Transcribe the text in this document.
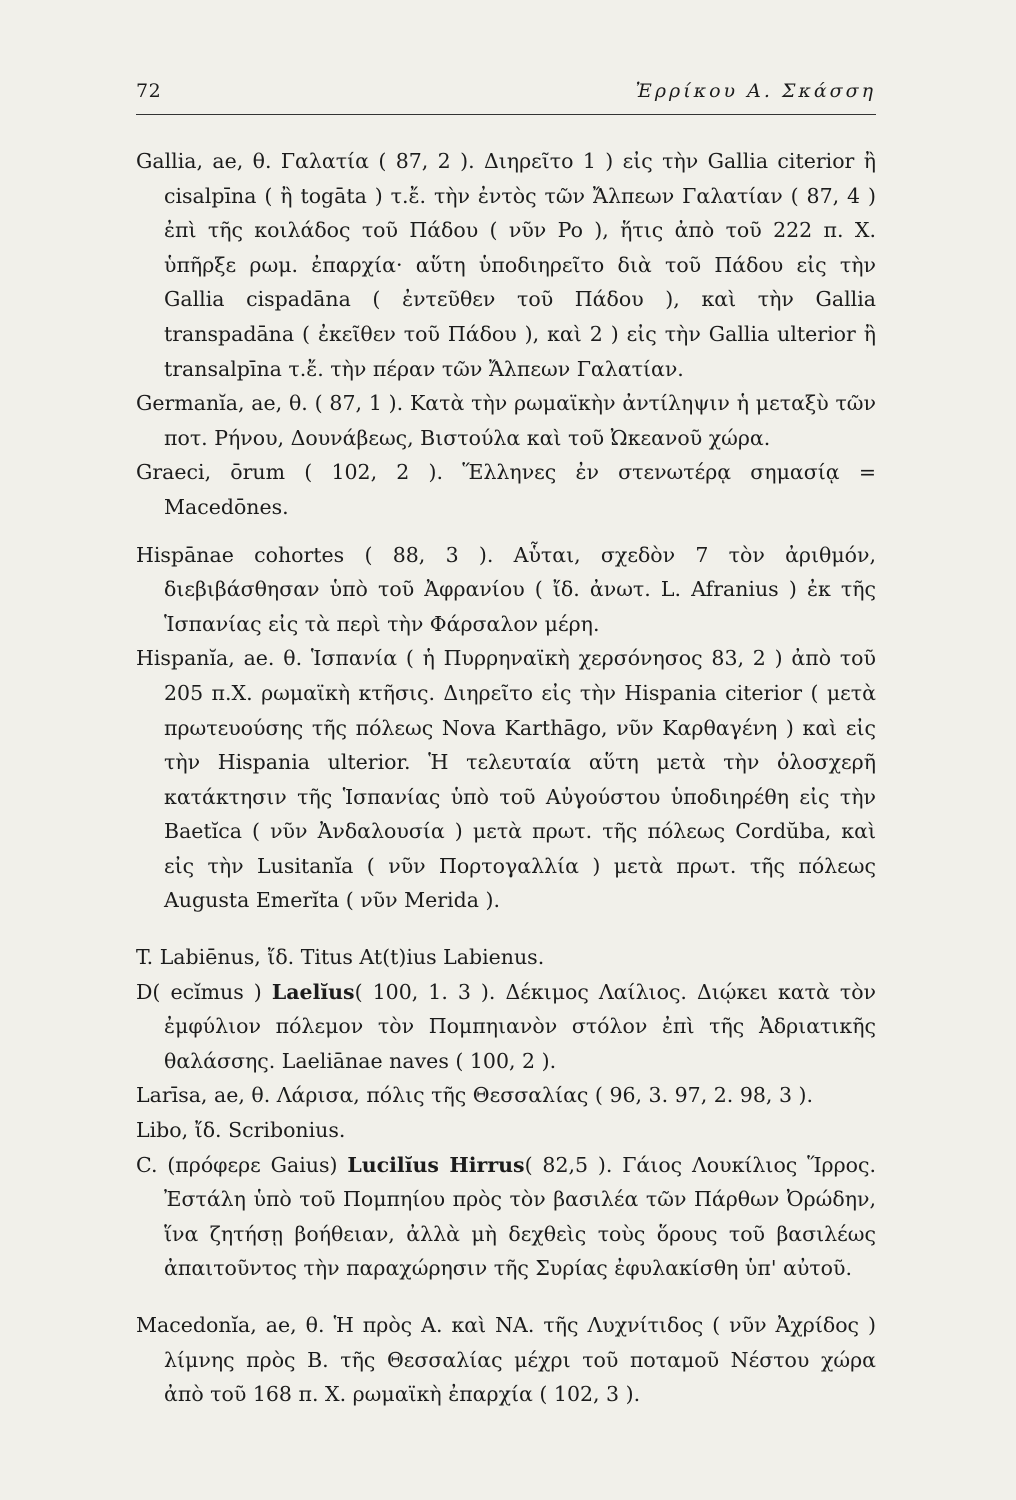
72	Ἐρρίκου Α. Σκάσση

Gallia, ae, θ. Γαλατία ( 87, 2 ). Διηρεῖτο 1 ) εἰς τὴν Gallia citerior ἢ cisalpīna ( ἢ togāta ) τ.ἔ. τὴν ἐντὸς τῶν Ἄλπεων Γαλατίαν ( 87, 4 ) ἐπὶ τῆς κοιλάδος τοῦ Πάδου ( νῦν Po ), ἥτις ἀπὸ τοῦ 222 π. Χ. ὑπῆρξε ρωμ. ἐπαρχία· αὕτη ὑποδιηρεῖτο διὰ τοῦ Πάδου εἰς τὴν Gallia cispadāna ( ἐντεῦθεν τοῦ Πάδου ), καὶ τὴν Gallia transpadāna ( ἐκεῖθεν τοῦ Πάδου ), καὶ 2 ) εἰς τὴν Gallia ulterior ἢ transalpīna τ.ἔ. τὴν πέραν τῶν Ἄλπεων Γαλατίαν.

Germanĭa, ae, θ. ( 87, 1 ). Κατὰ τὴν ρωμαϊκὴν ἀντίληψιν ἡ μεταξὺ τῶν ποτ. Ρήνου, Δουνάβεως, Βιστούλα καὶ τοῦ Ὠκεανοῦ χώρα.

Graeci, ōrum ( 102, 2 ). Ἕλληνες ἐν στενωτέρᾳ σημασίᾳ = Macedōnes.

Hispānae cohortes ( 88, 3 ). Αὗται, σχεδὸν 7 τὸν ἀριθμόν, διεβιβάσθησαν ὑπὸ τοῦ Ἀφρανίου ( ἴδ. ἀνωτ. L. Afranius ) ἐκ τῆς Ἱσπανίας εἰς τὰ περὶ τὴν Φάρσαλον μέρη.

Hispanĭa, ae. θ. Ἱσπανία ( ἡ Πυρρηναϊκὴ χερσόνησος 83, 2 ) ἀπὸ τοῦ 205 π.Χ. ρωμαϊκὴ κτῆσις. Διηρεῖτο εἰς τὴν Hispania citerior ( μετὰ πρωτευούσης τῆς πόλεως Nova Karthāgo, νῦν Καρθαγένη ) καὶ εἰς τὴν Hispania ulterior. Ἡ τελευταία αὕτη μετὰ τὴν ὁλοσχερῆ κατάκτησιν τῆς Ἱσπανίας ὑπὸ τοῦ Αὐγούστου ὑποδιηρέθη εἰς τὴν Baetĭca ( νῦν Ἀνδαλουσία ) μετὰ πρωτ. τῆς πόλεως Cordŭba, καὶ εἰς τὴν Lusitanĭa ( νῦν Πορτογαλλία ) μετὰ πρωτ. τῆς πόλεως Augusta Emerĭta ( νῦν Merida ).

T. Labiēnus, ἴδ. Titus At(t)ius Labienus.

D( ecĭmus ) Laelĭus( 100, 1. 3 ). Δέκιμος Λαίλιος. Διῴκει κατὰ τὸν ἐμφύλιον πόλεμον τὸν Πομπηιανὸν στόλον ἐπὶ τῆς Ἀδριατικῆς θαλάσσης. Laeliānae naves ( 100, 2 ).

Larīsa, ae, θ. Λάρισα, πόλις τῆς Θεσσαλίας ( 96, 3. 97, 2. 98, 3 ).

Libo, ἴδ. Scribonius.

C. (πρόφερε Gaius) Lucilĭus Hirrus( 82,5 ). Γάιος Λουκίλιος Ἵρρος. Ἐστάλη ὑπὸ τοῦ Πομπηίου πρὸς τὸν βασιλέα τῶν Πάρθων Ὀρώδην, ἵνα ζητήσῃ βοήθειαν, ἀλλὰ μὴ δεχθεὶς τοὺς ὅρους τοῦ βασιλέως ἀπαιτοῦντος τὴν παραχώρησιν τῆς Συρίας ἐφυλακίσθη ὑπ' αὐτοῦ.

Macedonĭa, ae, θ. Ἡ πρὸς Α. καὶ ΝΑ. τῆς Λυχνίτιδος ( νῦν Ἀχρίδος ) λίμνης πρὸς Β. τῆς Θεσσαλίας μέχρι τοῦ ποταμοῦ Νέστου χώρα ἀπὸ τοῦ 168 π. Χ. ρωμαϊκὴ ἐπαρχία ( 102, 3 ).
